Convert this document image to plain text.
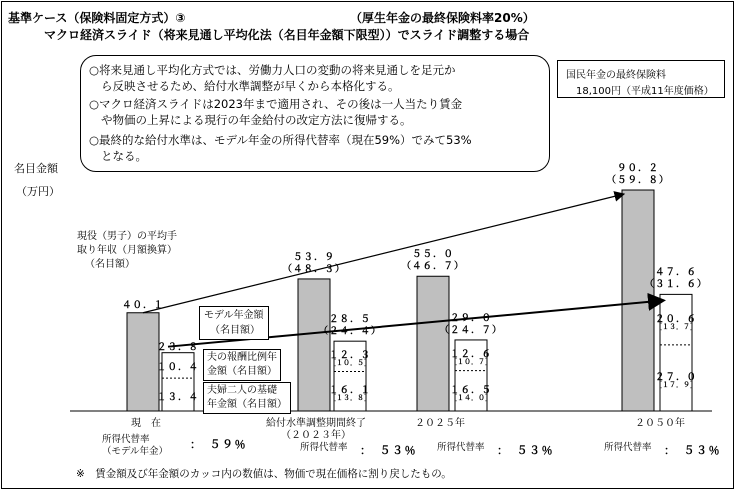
基準ケース（保険料固定方式）③	（厚生年金の最終保険料率20%）
マクロ経済スライド（将来見通し平均化法（名目年金額下限型））でスライド調整する場合
○将来見通し平均化方式では、労働力人口の変動の将来見通しを足元か
ら反映させるため、給付水準調整が早くから本格化する。
○マクロ経済スライドは2023年まで適用され、その後は一人当たり賃金
や物価の上昇による現行の年金給付の改定方法に復帰する。
○最終的な給付水準は、モデル年金の所得代替率（現在59%）でみて53%
となる。
国民年金の最終保険料
18,100円（平成11年度価格）
名目金額
（万円）
４０．１
２３．８
１０．４
１３．４
現　在
：　５９％
５３．９
（４８．３）
２８．５
（２４．４）
１２．３
［１０．５］
１６．１
［１３．８］
給付水準調整期間終了
（２０２３年）
：　５３％
５５．０
（４６．７）
２９．０
（２４．７）
１２．６
［１０．７］
１６．５
［１４．０］
２０２５年
：　５３％
９０．２
（５９．８）
４７．６
（３１．６）
２０．６
［１３．７］
２７．０
［１７．９］
２０５０年
：　５３％
現役（男子）の平均手
取り年収（月額換算）
（名目額）
モデル年金額
（名目額）
夫の報酬比例年
金額（名目額）
夫婦二人の基礎
年金額（名目額）
所得代替率
（モデル年金）	所得代替率	所得代替率	所得代替率
※　賃金額及び年金額のカッコ内の数値は、物価で現在価格に割り戻したもの。
